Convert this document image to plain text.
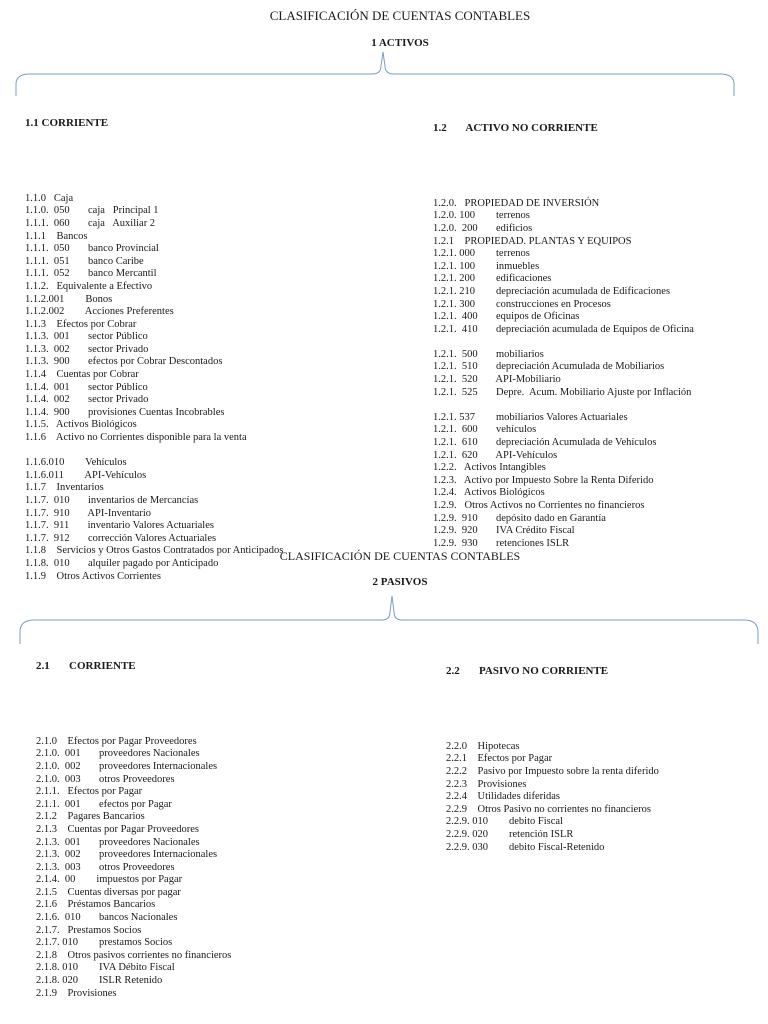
CLASIFICACIÓN DE CUENTAS CONTABLES
1 ACTIVOS

1.1 CORRIENTE

1.1.0   Caja
1.1.0.  050       caja   Principal 1
1.1.1.  060       caja   Auxiliar 2
1.1.1    Bancos
1.1.1.  050       banco Provincial
1.1.1.  051       banco Caribe
1.1.1.  052       banco Mercantil
1.1.2.   Equivalente a Efectivo
1.1.2.001        Bonos
1.1.2.002        Acciones Preferentes
1.1.3    Efectos por Cobrar
1.1.3.  001       sector Público
1.1.3.  002       sector Privado
1.1.3.  900       efectos por Cobrar Descontados
1.1.4    Cuentas por Cobrar
1.1.4.  001       sector Público
1.1.4.  002       sector Privado
1.1.4.  900       provisiones Cuentas Incobrables
1.1.5.   Activos Biológicos
1.1.6    Activo no Corrientes disponible para la venta
1.1.6.010        Vehículos
1.1.6.011        API-Vehículos
1.1.7    Inventarios
1.1.7.  010       inventarios de Mercancías
1.1.7.  910       API-Inventario
1.1.7.  911       inventario Valores Actuariales
1.1.7.  912       corrección Valores Actuariales
1.1.8    Servicios y Otros Gastos Contratados por Anticipados
1.1.8.  010       alquiler pagado por Anticipado
1.1.9    Otros Activos Corrientes

1.2       ACTIVO NO CORRIENTE

1.2.0.   PROPIEDAD DE INVERSIÓN
1.2.0. 100        terrenos
1.2.0.  200       edificios
1.2.1    PROPIEDAD. PLANTAS Y EQUIPOS
1.2.1. 000        terrenos
1.2.1. 100        inmuebles
1.2.1. 200        edificaciones
1.2.1. 210        depreciación acumulada de Edificaciones
1.2.1. 300        construcciones en Procesos
1.2.1.  400       equipos de Oficinas
1.2.1.  410       depreciación acumulada de Equipos de Oficina
1.2.1.  500       mobiliarios
1.2.1.  510       depreciación Acumulada de Mobiliarios
1.2.1.  520       API-Mobiliario
1.2.1.  525       Depre.  Acum. Mobiliario Ajuste por Inflación
1.2.1. 537        mobiliarios Valores Actuariales
1.2.1.  600       vehículos
1.2.1.  610       depreciación Acumulada de Vehículos
1.2.1.  620       API-Vehículos
1.2.2.   Activos Intangibles
1.2.3.   Activo por Impuesto Sobre la Renta Diferido
1.2.4.   Activos Biológicos
1.2.9.   Otros Activos no Corrientes no financieros
1.2.9.  910       depósito dado en Garantía
1.2.9.  920       IVA Crédito Fiscal
1.2.9.  930       retenciones ISLR

CLASIFICACIÓN DE CUENTAS CONTABLES
2 PASIVOS

2.1       CORRIENTE

2.1.0    Efectos por Pagar Proveedores
2.1.0.  001       proveedores Nacionales
2.1.0.  002       proveedores Internacionales
2.1.0.  003       otros Proveedores
2.1.1.   Efectos por Pagar
2.1.1.  001       efectos por Pagar
2.1.2    Pagares Bancarios
2.1.3    Cuentas por Pagar Proveedores
2.1.3.  001       proveedores Nacionales
2.1.3.  002       proveedores Internacionales
2.1.3.  003       otros Proveedores
2.1.4.  00        impuestos por Pagar
2.1.5    Cuentas diversas por pagar
2.1.6    Préstamos Bancarios
2.1.6.  010       bancos Nacionales
2.1.7.   Prestamos Socios
2.1.7. 010        prestamos Socios
2.1.8    Otros pasivos corrientes no financieros
2.1.8. 010        IVA Débito Fiscal
2.1.8. 020        ISLR Retenido
2.1.9    Provisiones

2.2       PASIVO NO CORRIENTE

2.2.0    Hipotecas
2.2.1    Efectos por Pagar
2.2.2    Pasivo por Impuesto sobre la renta diferido
2.2.3    Provisiones
2.2.4    Utilidades diferidas
2.2.9    Otros Pasivo no corrientes no financieros
2.2.9. 010        debito Fiscal
2.2.9. 020        retención ISLR
2.2.9. 030        debito Fiscal-Retenido
